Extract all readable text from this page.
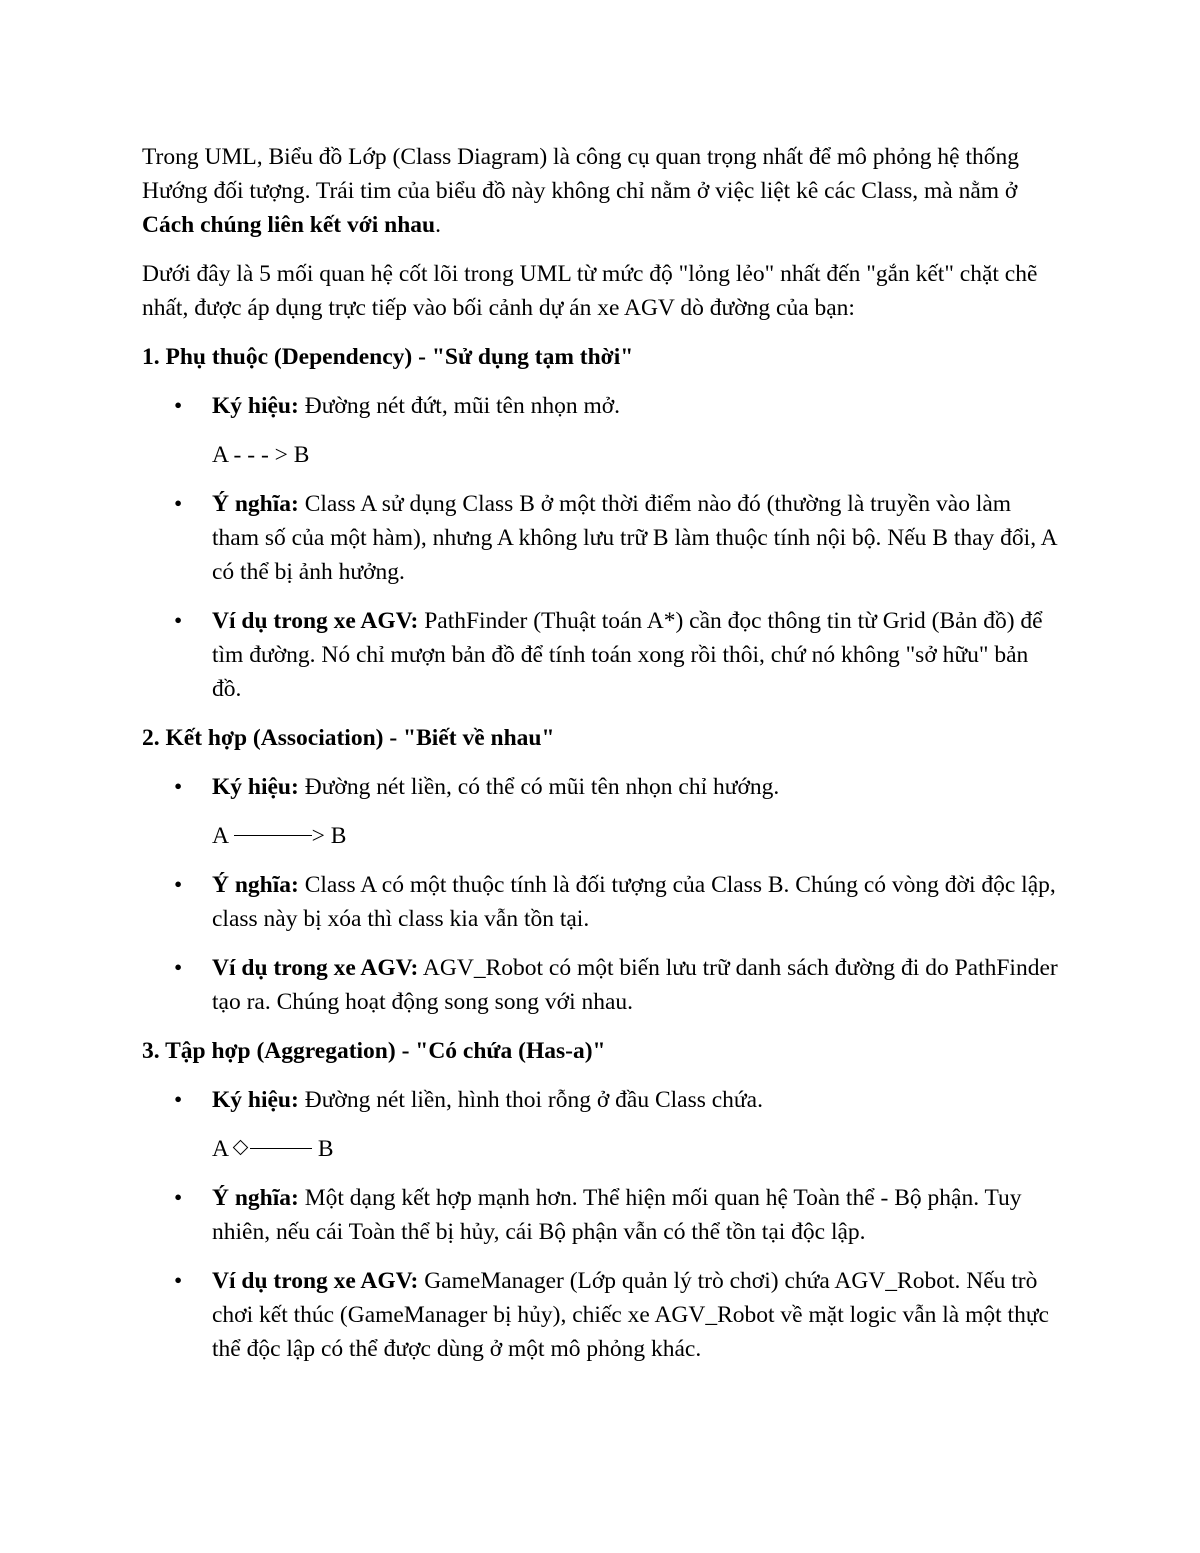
Trong UML, Biểu đồ Lớp (Class Diagram) là công cụ quan trọng nhất để mô phỏng hệ thống Hướng đối tượng. Trái tim của biểu đồ này không chỉ nằm ở việc liệt kê các Class, mà nằm ở Cách chúng liên kết với nhau.

Dưới đây là 5 mối quan hệ cốt lõi trong UML từ mức độ "lỏng lẻo" nhất đến "gắn kết" chặt chẽ nhất, được áp dụng trực tiếp vào bối cảnh dự án xe AGV dò đường của bạn:

1. Phụ thuộc (Dependency) - "Sử dụng tạm thời"
• Ký hiệu: Đường nét đứt, mũi tên nhọn mở.
A - - - > B
• Ý nghĩa: Class A sử dụng Class B ở một thời điểm nào đó (thường là truyền vào làm tham số của một hàm), nhưng A không lưu trữ B làm thuộc tính nội bộ. Nếu B thay đổi, A có thể bị ảnh hưởng.
• Ví dụ trong xe AGV: PathFinder (Thuật toán A*) cần đọc thông tin từ Grid (Bản đồ) để tìm đường. Nó chỉ mượn bản đồ để tính toán xong rồi thôi, chứ nó không "sở hữu" bản đồ.
2. Kết hợp (Association) - "Biết về nhau"
• Ký hiệu: Đường nét liền, có thể có mũi tên nhọn chỉ hướng.
A	> B
• Ý nghĩa: Class A có một thuộc tính là đối tượng của Class B. Chúng có vòng đời độc lập, class này bị xóa thì class kia vẫn tồn tại.
• Ví dụ trong xe AGV: AGV_Robot có một biến lưu trữ danh sách đường đi do PathFinder tạo ra. Chúng hoạt động song song với nhau.
3. Tập hợp (Aggregation) - "Có chứa (Has-a)"
• Ký hiệu: Đường nét liền, hình thoi rỗng ở đầu Class chứa.
A	B
• Ý nghĩa: Một dạng kết hợp mạnh hơn. Thể hiện mối quan hệ Toàn thể - Bộ phận. Tuy nhiên, nếu cái Toàn thể bị hủy, cái Bộ phận vẫn có thể tồn tại độc lập.
• Ví dụ trong xe AGV: GameManager (Lớp quản lý trò chơi) chứa AGV_Robot. Nếu trò chơi kết thúc (GameManager bị hủy), chiếc xe AGV_Robot về mặt logic vẫn là một thực thể độc lập có thể được dùng ở một mô phỏng khác.
